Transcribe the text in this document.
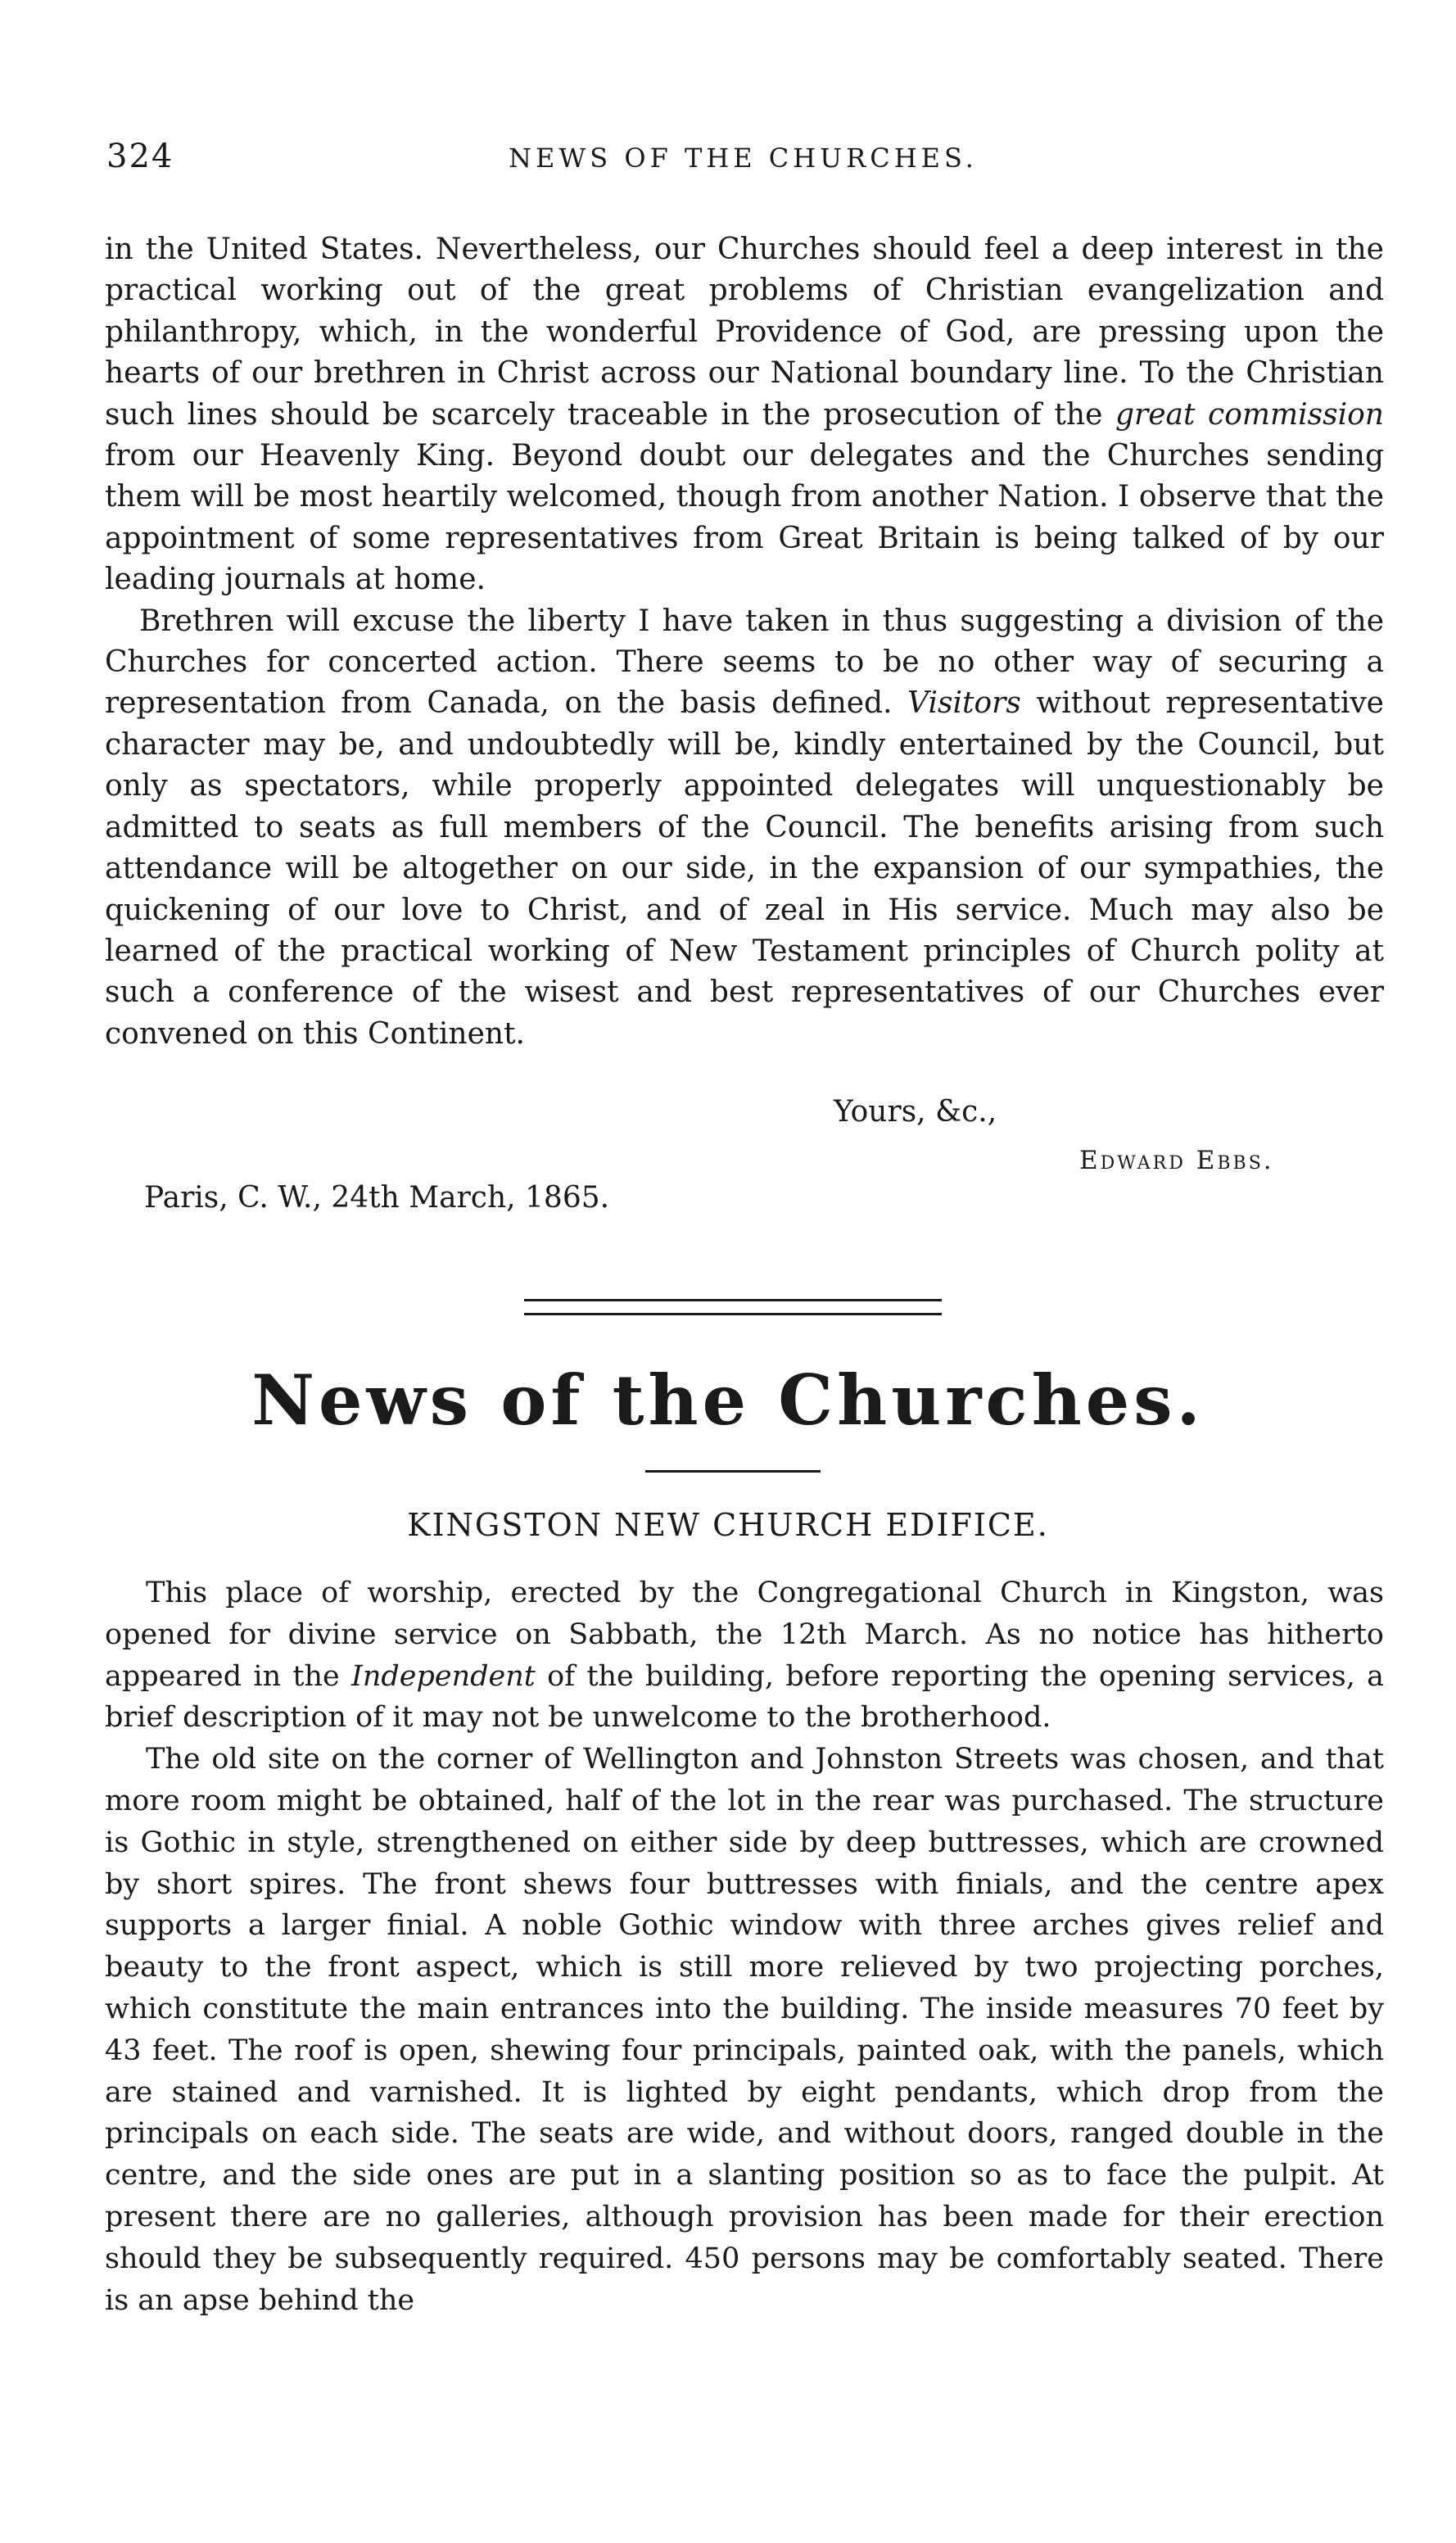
324	NEWS OF THE CHURCHES.

in the United States. Nevertheless, our Churches should feel a deep interest in the practical working out of the great problems of Christian evangelization and philanthropy, which, in the wonderful Providence of God, are pressing upon the hearts of our brethren in Christ across our National boundary line. To the Christian such lines should be scarcely traceable in the prosecution of the great commission from our Heavenly King. Beyond doubt our delegates and the Churches sending them will be most heartily welcomed, though from another Nation. I observe that the appointment of some representatives from Great Britain is being talked of by our leading journals at home.

Brethren will excuse the liberty I have taken in thus suggesting a division of the Churches for concerted action. There seems to be no other way of securing a representation from Canada, on the basis defined. Visitors without representative character may be, and undoubtedly will be, kindly entertained by the Council, but only as spectators, while properly appointed delegates will unquestionably be admitted to seats as full members of the Council. The benefits arising from such attendance will be altogether on our side, in the expansion of our sympathies, the quickening of our love to Christ, and of zeal in His service. Much may also be learned of the practical working of New Testament principles of Church polity at such a conference of the wisest and best representatives of our Churches ever convened on this Continent.

Yours, &c.,
Edward Ebbs.
Paris, C. W., 24th March, 1865.
News of the Churches.
KINGSTON NEW CHURCH EDIFICE.

This place of worship, erected by the Congregational Church in Kingston, was opened for divine service on Sabbath, the 12th March. As no notice has hitherto appeared in the Independent of the building, before reporting the opening services, a brief description of it may not be unwelcome to the brotherhood.

The old site on the corner of Wellington and Johnston Streets was chosen, and that more room might be obtained, half of the lot in the rear was purchased. The structure is Gothic in style, strengthened on either side by deep buttresses, which are crowned by short spires. The front shews four buttresses with finials, and the centre apex supports a larger finial. A noble Gothic window with three arches gives relief and beauty to the front aspect, which is still more relieved by two projecting porches, which constitute the main entrances into the building. The inside measures 70 feet by 43 feet. The roof is open, shewing four principals, painted oak, with the panels, which are stained and varnished. It is lighted by eight pendants, which drop from the principals on each side. The seats are wide, and without doors, ranged double in the centre, and the side ones are put in a slanting position so as to face the pulpit. At present there are no galleries, although provision has been made for their erection should they be subsequently required. 450 persons may be comfortably seated. There is an apse behind the
